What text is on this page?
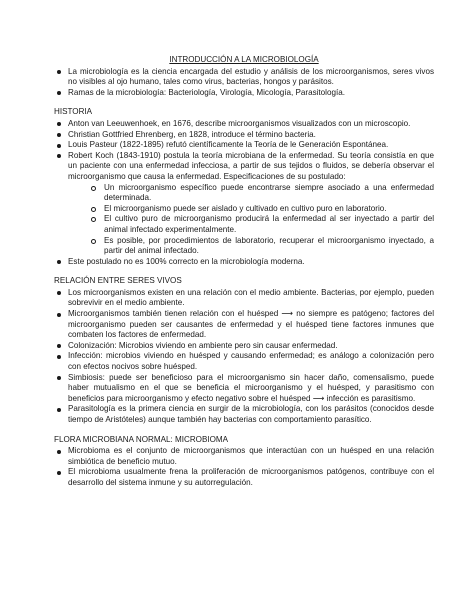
INTRODUCCIÓN A LA MICROBIOLOGÍA
La microbiología es la ciencia encargada del estudio y análisis de los microorganismos, seres vivos no visibles al ojo humano, tales como virus, bacterias, hongos y parásitos.
Ramas de la microbiología: Bacteriología, Virología, Micología, Parasitología.
HISTORIA
Anton van Leeuwenhoek, en 1676, describe microorganismos visualizados con un microscopio.
Christian Gottfried Ehrenberg, en 1828, introduce el término bacteria.
Louis Pasteur (1822-1895) refutó científicamente la Teoría de le Generación Espontánea.
Robert Koch (1843-1910) postula la teoría microbiana de la enfermedad. Su teoría consistía en que un paciente con una enfermedad infecciosa, a partir de sus tejidos o fluidos, se debería observar el microorganismo que causa la enfermedad. Especificaciones de su postulado:
Un microorganismo específico puede encontrarse siempre asociado a una enfermedad determinada.
El microorganismo puede ser aislado y cultivado en cultivo puro en laboratorio.
El cultivo puro de microorganismo producirá la enfermedad al ser inyectado a partir del animal infectado experimentalmente.
Es posible, por procedimientos de laboratorio, recuperar el microorganismo inyectado, a partir del animal infectado.
Este postulado no es 100% correcto en la microbiología moderna.
RELACIÓN ENTRE SERES VIVOS
Los microorganismos existen en una relación con el medio ambiente. Bacterias, por ejemplo, pueden sobrevivir en el medio ambiente.
Microorganismos también tienen relación con el huésped ⟶ no siempre es patógeno; factores del microorganismo pueden ser causantes de enfermedad y el huésped tiene factores inmunes que combaten los factores de enfermedad.
Colonización: Microbios viviendo en ambiente pero sin causar enfermedad.
Infección: microbios viviendo en huésped y causando enfermedad; es análogo a colonización pero con efectos nocivos sobre huésped.
Simbiosis: puede ser beneficioso para el microorganismo sin hacer daño, comensalismo, puede haber mutualismo en el que se beneficia el microorganismo y el huésped, y parasitismo con beneficios para microorganismo y efecto negativo sobre el huésped ⟶ infección es parasitismo.
Parasitología es la primera ciencia en surgir de la microbiología, con los parásitos (conocidos desde tiempo de Aristóteles) aunque también hay bacterias con comportamiento parasítico.
FLORA MICROBIANA NORMAL: MICROBIOMA
Microbioma es el conjunto de microorganismos que interactúan con un huésped en una relación simbiótica de beneficio mutuo.
El microbioma usualmente frena la proliferación de microorganismos patógenos, contribuye con el desarrollo del sistema inmune y su autorregulación.
